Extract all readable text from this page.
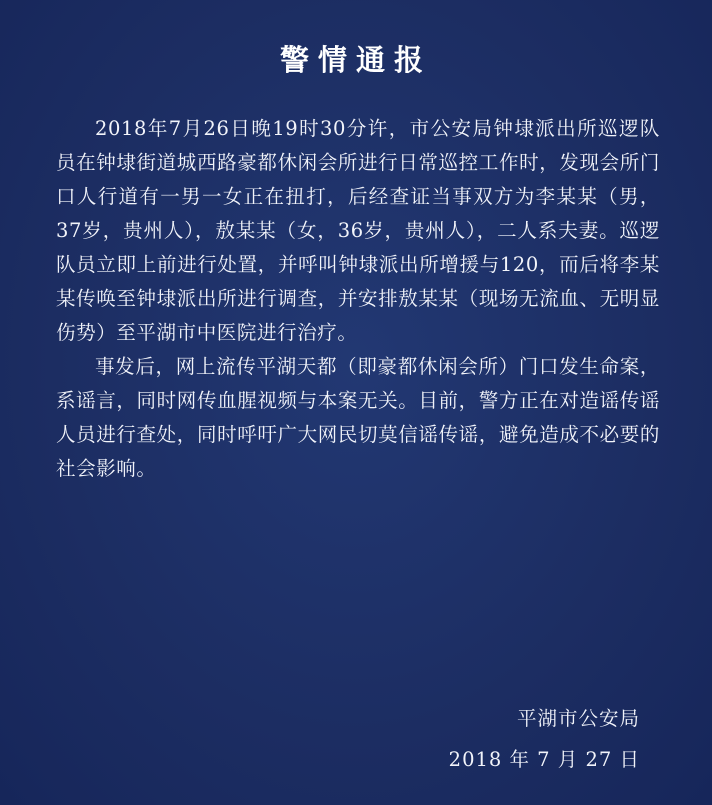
警情通报

2018年7月26日晚19时30分许，市公安局钟埭派出所巡逻队员在钟埭街道城西路豪都休闲会所进行日常巡控工作时，发现会所门口人行道有一男一女正在扭打，后经查证当事双方为李某某（男，37岁，贵州人），敖某某（女，36岁，贵州人），二人系夫妻。巡逻队员立即上前进行处置，并呼叫钟埭派出所增援与120，而后将李某某传唤至钟埭派出所进行调查，并安排敖某某（现场无流血、无明显伤势）至平湖市中医院进行治疗。

事发后，网上流传平湖天都（即豪都休闲会所）门口发生命案，系谣言，同时网传血腥视频与本案无关。目前，警方正在对造谣传谣人员进行查处，同时呼吁广大网民切莫信谣传谣，避免造成不必要的社会影响。

平湖市公安局
2018 年 7 月 27 日
